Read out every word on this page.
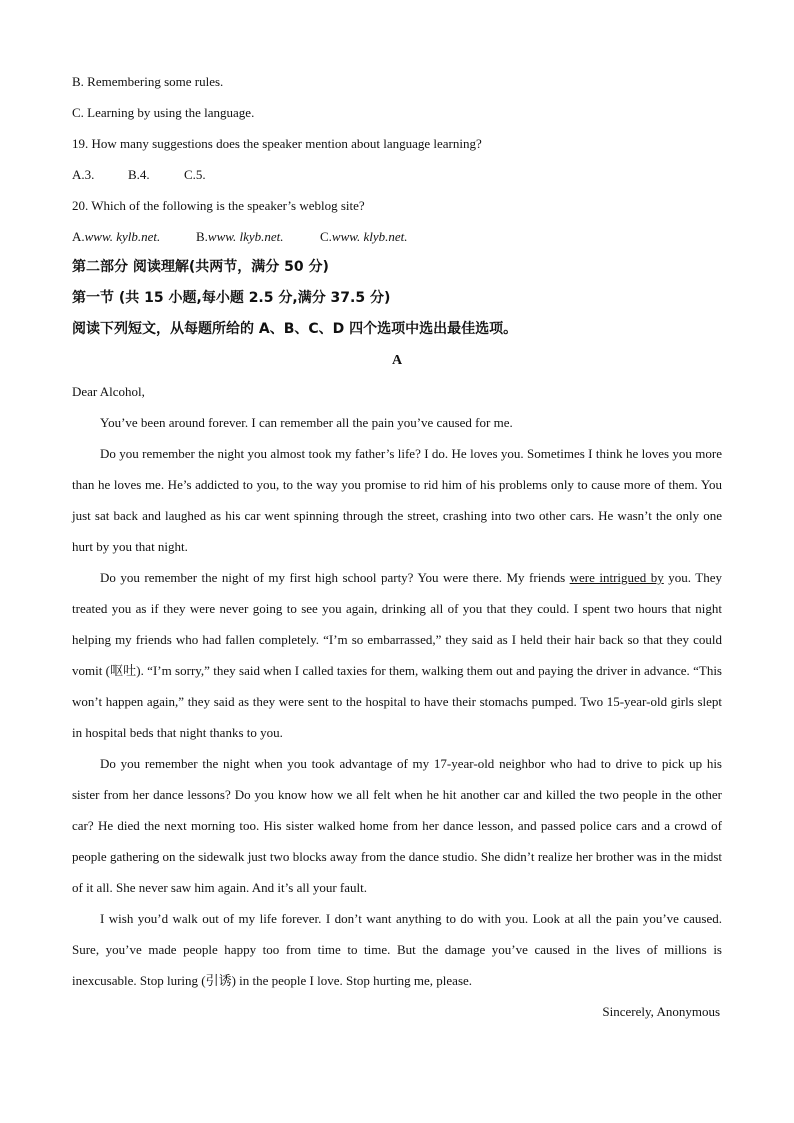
B. Remembering some rules.

C. Learning by using the language.

19. How many suggestions does the speaker mention about language learning?

A.3.	B.4.	C.5.

20. Which of the following is the speaker’s weblog site?

A.www. kylb.net.	B.www. lkyb.net.	C.www. klyb.net.

第二部分 阅读理解(共两节，满分 50 分)

第一节 (共 15 小题,每小题 2.5 分,满分 37.5 分)

阅读下列短文，从每题所给的 A、B、C、D 四个选项中选出最佳选项。

A

Dear Alcohol,

You’ve been around forever. I can remember all the pain you’ve caused for me.

Do you remember the night you almost took my father’s life? I do. He loves you. Sometimes I think he loves you more than he loves me. He’s addicted to you, to the way you promise to rid him of his problems only to cause more of them. You just sat back and laughed as his car went spinning through the street, crashing into two other cars. He wasn’t the only one hurt by you that night.

Do you remember the night of my first high school party? You were there. My friends were intrigued by you. They treated you as if they were never going to see you again, drinking all of you that they could. I spent two hours that night helping my friends who had fallen completely. “I’m so embarrassed,” they said as I held their hair back so that they could vomit (呕吐). “I’m sorry,” they said when I called taxies for them, walking them out and paying the driver in advance. “This won’t happen again,” they said as they were sent to the hospital to have their stomachs pumped. Two 15-year-old girls slept in hospital beds that night thanks to you.

Do you remember the night when you took advantage of my 17-year-old neighbor who had to drive to pick up his sister from her dance lessons? Do you know how we all felt when he hit another car and killed the two people in the other car? He died the next morning too. His sister walked home from her dance lesson, and passed police cars and a crowd of people gathering on the sidewalk just two blocks away from the dance studio. She didn’t realize her brother was in the midst of it all. She never saw him again. And it’s all your fault.

I wish you’d walk out of my life forever. I don’t want anything to do with you. Look at all the pain you’ve caused. Sure, you’ve made people happy too from time to time. But the damage you’ve caused in the lives of millions is inexcusable. Stop luring (引诱) in the people I love. Stop hurting me, please.

Sincerely, Anonymous
